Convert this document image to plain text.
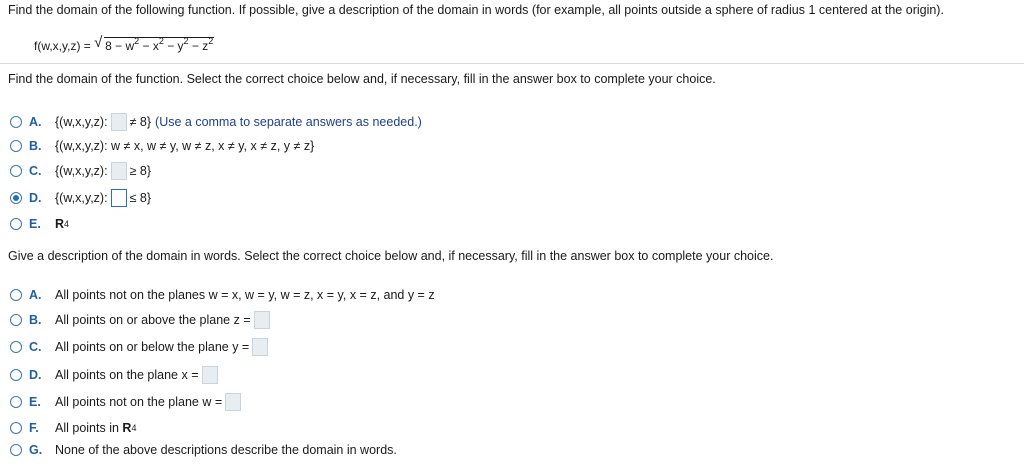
Find the domain of the following function. If possible, give a description of the domain in words (for example, all points outside a sphere of radius 1 centered at the origin).
f(w,x,y,z) = √ $8 - w^2 - x^2 - y^2 - z^2$
Find the domain of the function. Select the correct choice below and, if necessary, fill in the answer box to complete your choice.
A.	{(w,x,y,z): ≠ 8} (Use a comma to separate answers as needed.)
B.	{(w,x,y,z): w ≠ x, w ≠ y, w ≠ z, x ≠ y, x ≠ z, y ≠ z}
C.	{(w,x,y,z): ≥ 8}
D.	{(w,x,y,z): ≤ 8}
E.	R 4
Give a description of the domain in words. Select the correct choice below and, if necessary, fill in the answer box to complete your choice.
A.	All points not on the planes w = x, w = y, w = z, x = y, x = z, and y = z
B.	All points on or above the plane z =
C.	All points on or below the plane y =
D.	All points on the plane x =
E.	All points not on the plane w =
F.	All points in
R 4
G.	None of the above descriptions describe the domain in words.
